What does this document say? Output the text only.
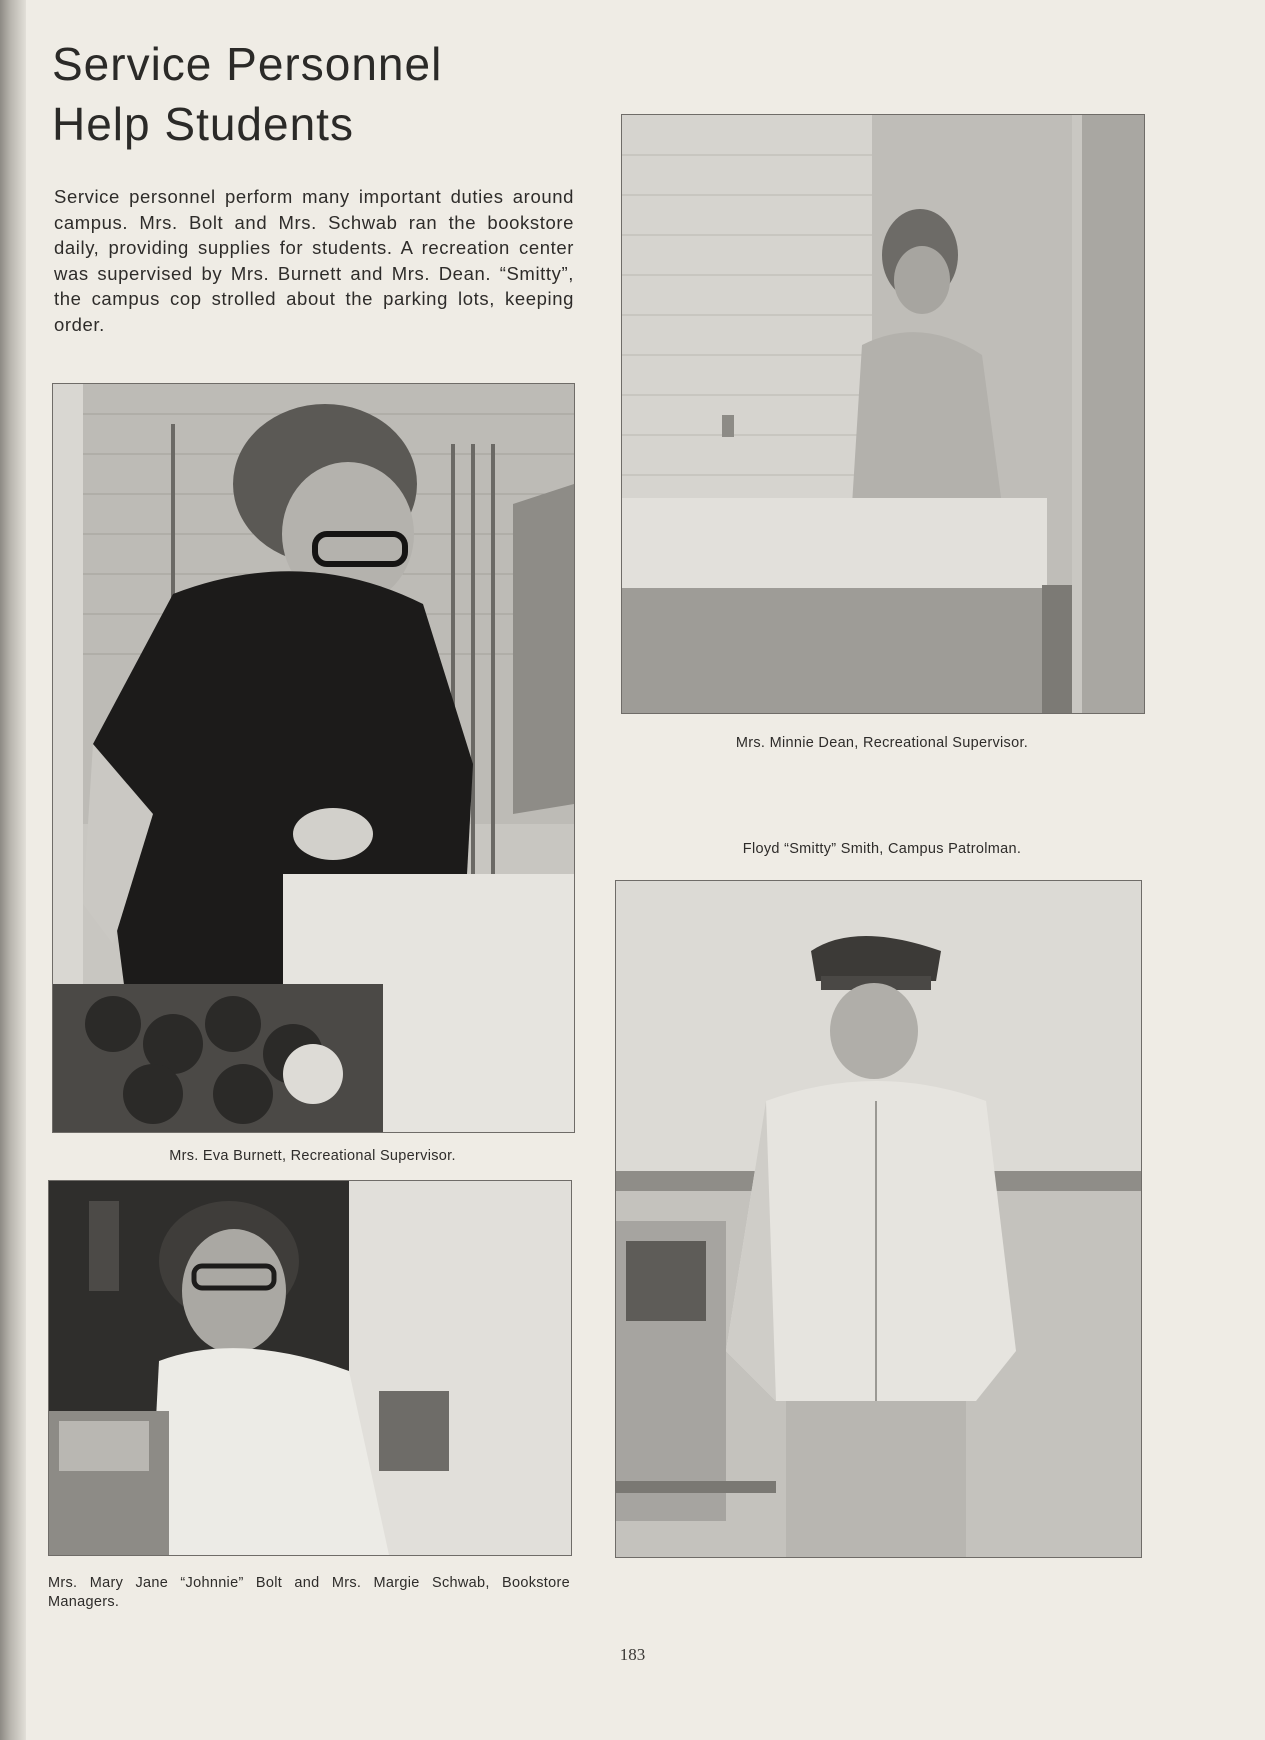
Service Personnel
Help Students

Service personnel perform many important duties around campus. Mrs. Bolt and Mrs. Schwab ran the bookstore daily, providing supplies for students. A recreation center was supervised by Mrs. Burnett and Mrs. Dean. “Smitty”, the campus cop strolled about the parking lots, keeping order.

Mrs. Minnie Dean, Recreational Supervisor.

Floyd “Smitty” Smith, Campus Patrolman.

Mrs. Eva Burnett, Recreational Supervisor.

Mrs. Mary Jane “Johnnie” Bolt and Mrs. Margie Schwab, Bookstore Managers.

183
